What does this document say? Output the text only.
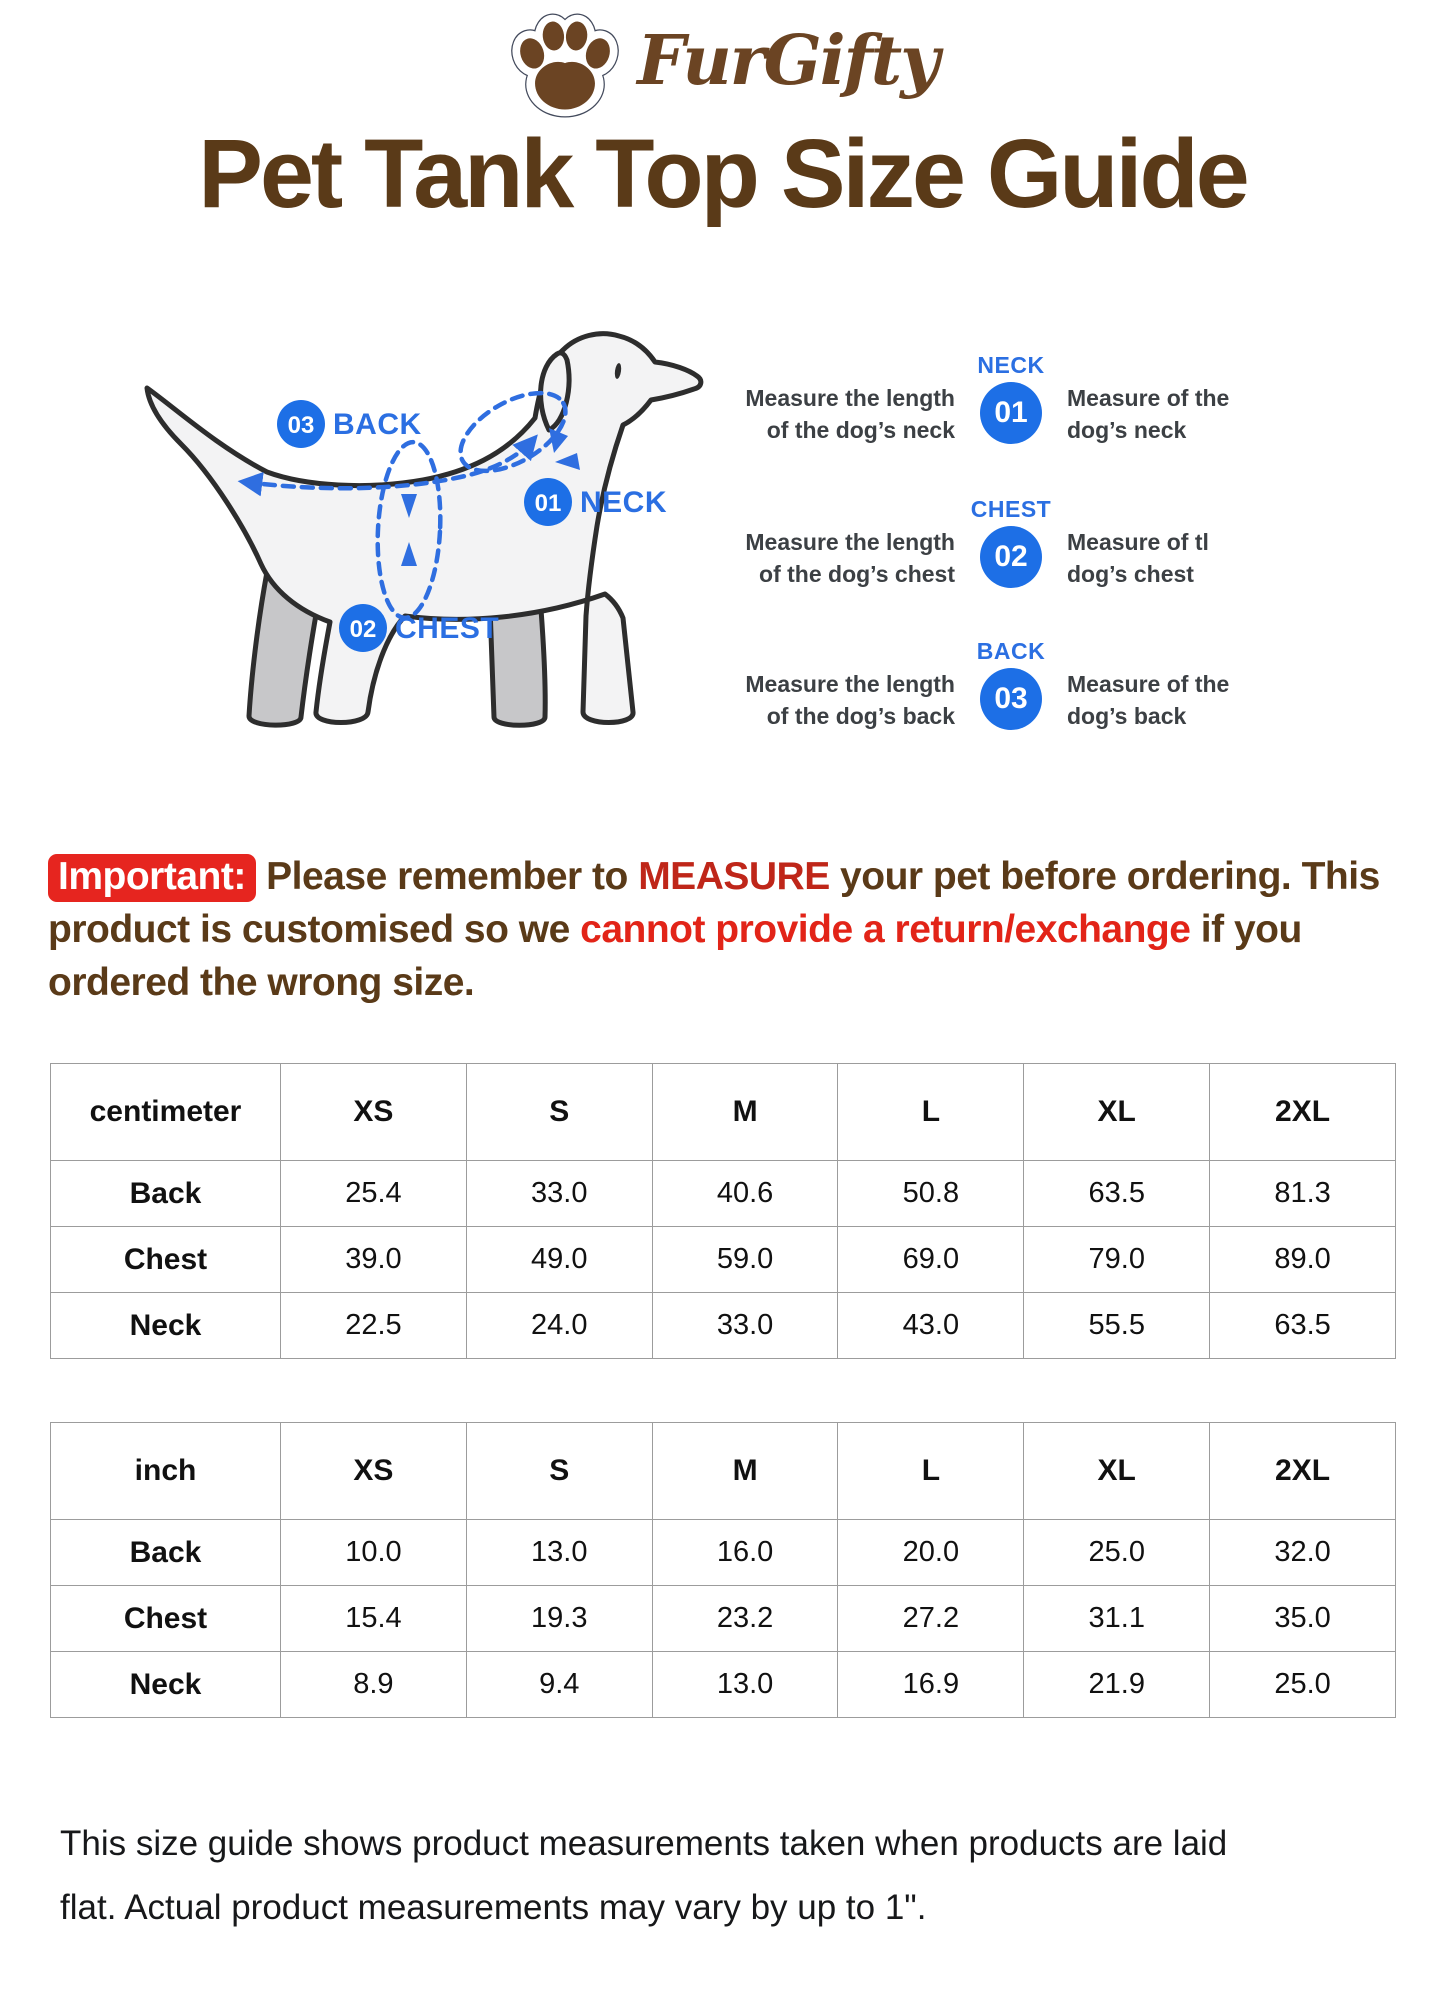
FurGifty
Pet Tank Top Size Guide
03 BACK
01 NECK
02 CHEST
Measure the length
of the dog’s neck
NECK
01	Measure of the
dog’s neck
Measure the length
of the dog’s chest
CHEST
02	Measure of tl
dog’s chest
Measure the length
of the dog’s back
BACK
03	Measure of the
dog’s back
Important: Please remember to MEASURE your pet before ordering. This product is customised so we cannot provide a return/exchange if you ordered the wrong size.
centimeter	XS	S	M	L	XL	2XL
Back	25.4	33.0	40.6	50.8	63.5	81.3
Chest	39.0	49.0	59.0	69.0	79.0	89.0
Neck	22.5	24.0	33.0	43.0	55.5	63.5
inch	XS	S	M	L	XL	2XL
Back	10.0	13.0	16.0	20.0	25.0	32.0
Chest	15.4	19.3	23.2	27.2	31.1	35.0
Neck	8.9	9.4	13.0	16.9	21.9	25.0
This size guide shows product measurements taken when products are laid
flat. Actual product measurements may vary by up to 1".
